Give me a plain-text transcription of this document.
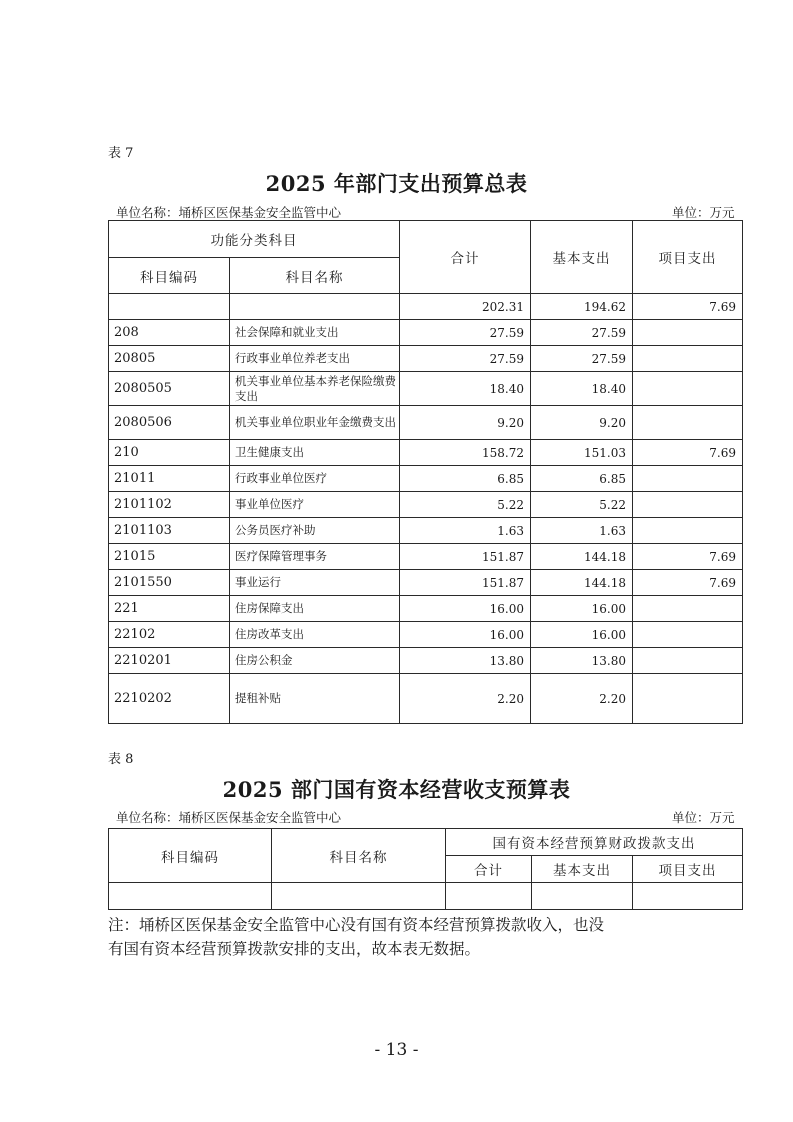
表 7
2025 年部门支出预算总表
单位名称：埇桥区医保基金安全监管中心	单位：万元
功能分类科目		合计	基本支出	项目支出
科目编码	科目名称			
		202.31	194.62	7.69
208	社会保障和就业支出	27.59	27.59	
20805	行政事业单位养老支出	27.59	27.59	
2080505	机关事业单位基本养老保险缴费支出	18.40	18.40	
2080506	机关事业单位职业年金缴费支出	9.20	9.20	
210	卫生健康支出	158.72	151.03	7.69
21011	行政事业单位医疗	6.85	6.85	
2101102	事业单位医疗	5.22	5.22	
2101103	公务员医疗补助	1.63	1.63	
21015	医疗保障管理事务	151.87	144.18	7.69
2101550	事业运行	151.87	144.18	7.69
221	住房保障支出	16.00	16.00	
22102	住房改革支出	16.00	16.00	
2210201	住房公积金	13.80	13.80	
2210202	提租补贴	2.20	2.20	
表 8
2025 部门国有资本经营收支预算表
单位名称：埇桥区医保基金安全监管中心	单位：万元
科目编码	科目名称	国有资本经营预算财政拨款支出		
		合计	基本支出	项目支出

注：埇桥区医保基金安全监管中心没有国有资本经营预算拨款收入，也没
有国有资本经营预算拨款安排的支出，故本表无数据。
- 13 -
